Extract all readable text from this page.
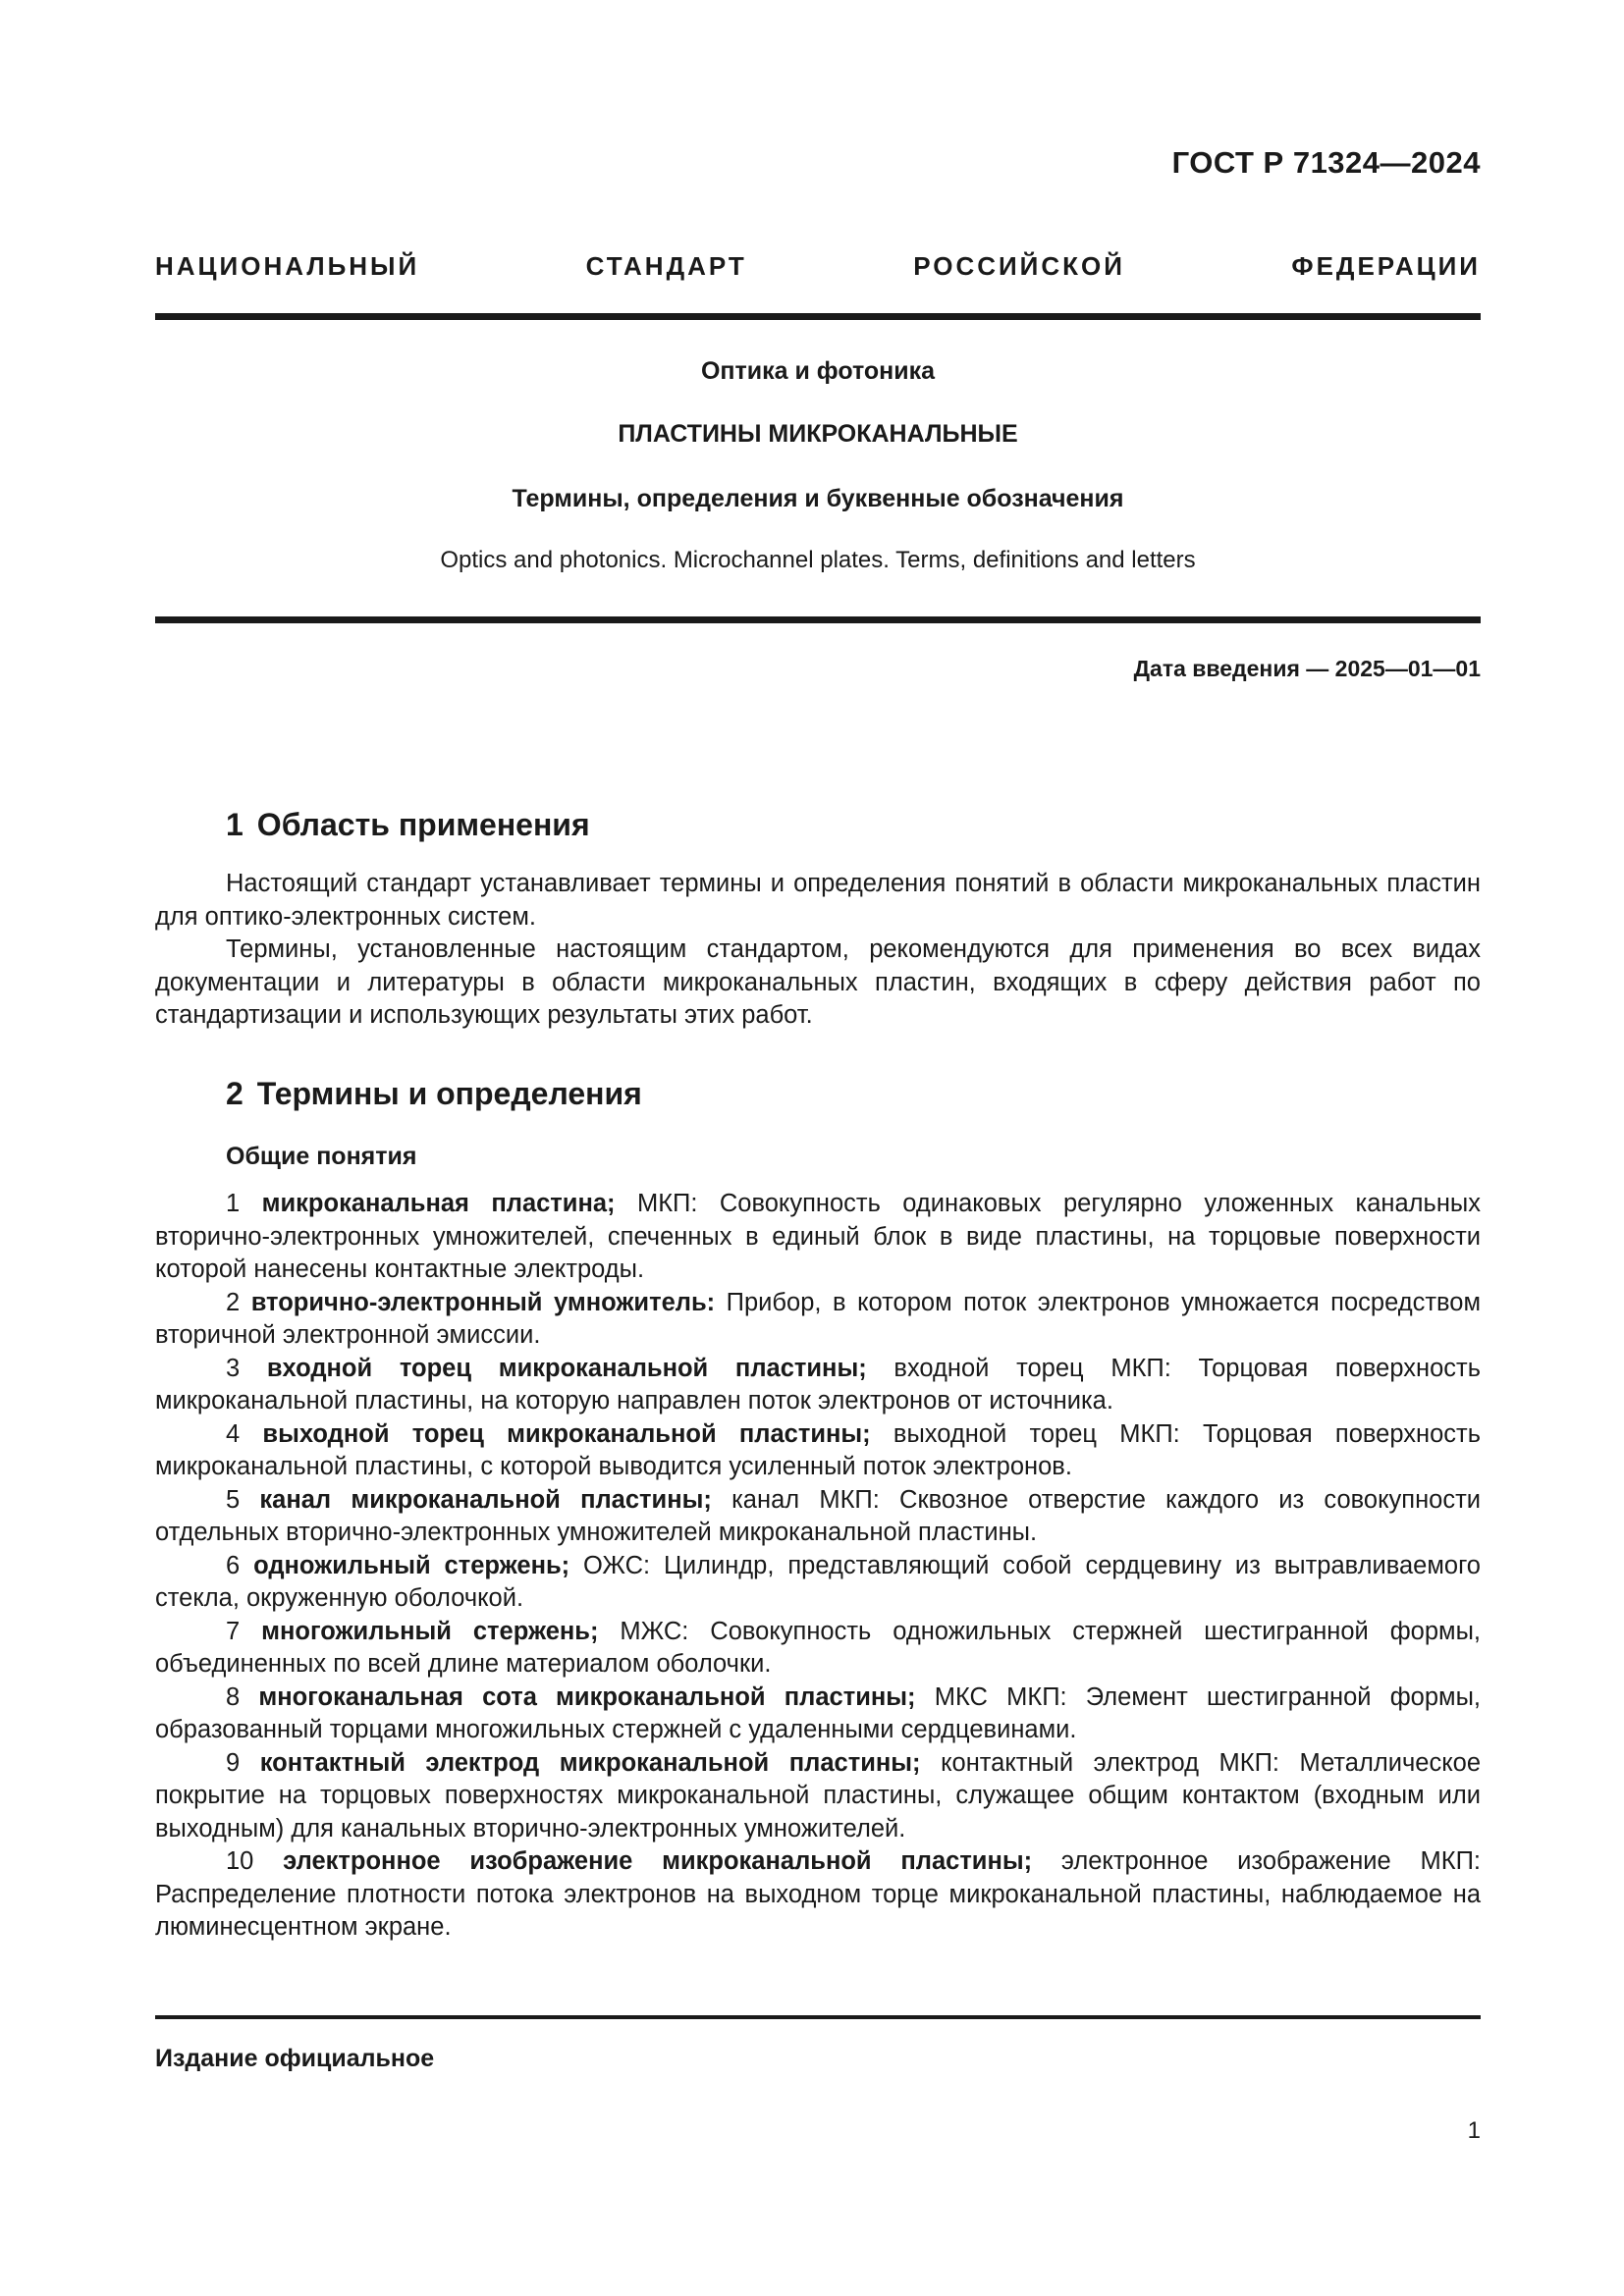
ГОСТ Р 71324—2024
НАЦИОНАЛЬНЫЙ СТАНДАРТ РОССИЙСКОЙ ФЕДЕРАЦИИ
Оптика и фотоника
ПЛАСТИНЫ МИКРОКАНАЛЬНЫЕ
Термины, определения и буквенные обозначения
Optics and photonics. Microchannel plates. Terms, definitions and letters
Дата введения — 2025—01—01
1 Область применения

Настоящий стандарт устанавливает термины и определения понятий в области микроканальных пластин для оптико-электронных систем.

Термины, установленные настоящим стандартом, рекомендуются для применения во всех видах документации и литературы в области микроканальных пластин, входящих в сферу действия работ по стандартизации и использующих результаты этих работ.

2 Термины и определения
Общие понятия

1 микроканальная пластина; МКП: Совокупность одинаковых регулярно уложенных канальных вторично-электронных умножителей, спеченных в единый блок в виде пластины, на торцовые поверхности которой нанесены контактные электроды.

2 вторично-электронный умножитель: Прибор, в котором поток электронов умножается посредством вторичной электронной эмиссии.

3 входной торец микроканальной пластины; входной торец МКП: Торцовая поверхность микроканальной пластины, на которую направлен поток электронов от источника.

4 выходной торец микроканальной пластины; выходной торец МКП: Торцовая поверхность микроканальной пластины, с которой выводится усиленный поток электронов.

5 канал микроканальной пластины; канал МКП: Сквозное отверстие каждого из совокупности отдельных вторично-электронных умножителей микроканальной пластины.

6 одножильный стержень; ОЖС: Цилиндр, представляющий собой сердцевину из вытравливаемого стекла, окруженную оболочкой.

7 многожильный стержень; МЖС: Совокупность одножильных стержней шестигранной формы, объединенных по всей длине материалом оболочки.

8 многоканальная сота микроканальной пластины; МКС МКП: Элемент шестигранной формы, образованный торцами многожильных стержней с удаленными сердцевинами.

9 контактный электрод микроканальной пластины; контактный электрод МКП: Металлическое покрытие на торцовых поверхностях микроканальной пластины, служащее общим контактом (входным или выходным) для канальных вторично-электронных умножителей.

10 электронное изображение микроканальной пластины; электронное изображение МКП: Распределение плотности потока электронов на выходном торце микроканальной пластины, наблюдаемое на люминесцентном экране.

Издание официальное
1
